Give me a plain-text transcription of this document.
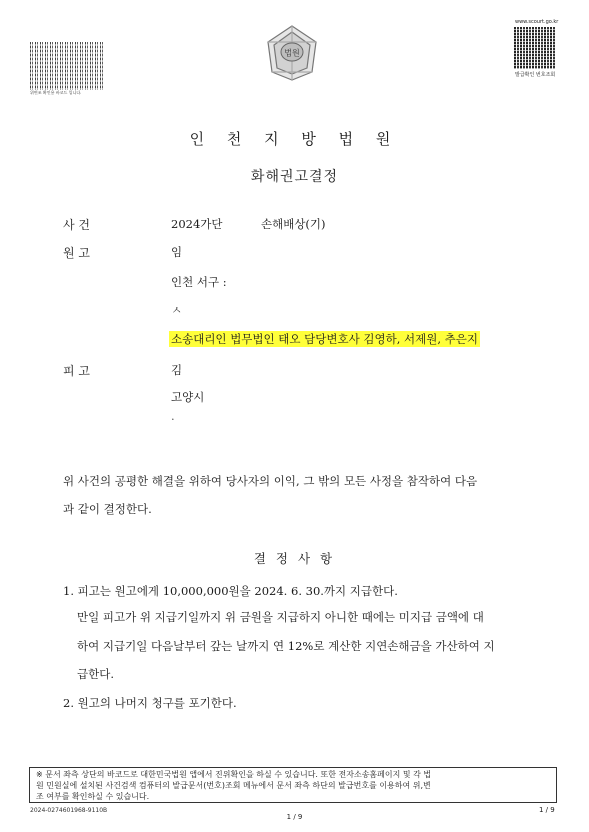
위변조 확인용 바코드 입니다.
법원
www.scourt.go.kr
발급확인 번호조회
인 천 지 방 법 원
화해권고결정
사 건	2024가단	손해배상(기)
원 고	임
인천 서구 :
ㅅ
소송대리인 법무법인 태오 담당변호사 김영하, 서제원, 추은지
피 고	김
고양시
·
위 사건의 공평한 해결을 위하여 당사자의 이익, 그 밖의 모든 사정을 참작하여 다음
과 같이 결정한다.
결 정 사 항
1. 피고는 원고에게 10,000,000원을 2024. 6. 30.까지 지급한다.
만일 피고가 위 지급기일까지 위 금원을 지급하지 아니한 때에는 미지급 금액에 대
하여 지급기일 다음날부터 갚는 날까지 연 12%로 계산한 지연손해금을 가산하여 지
급한다.
2. 원고의 나머지 청구를 포기한다.
※ 문서 좌측 상단의 바코드로 대한민국법원 앱에서 진위확인을 하실 수 있습니다. 또한 전자소송홈페이지 및 각 법
원 민원실에 설치된 사건검색 컴퓨터의 발급문서(번호)조회 메뉴에서 문서 좌측 하단의 발급번호를 이용하여 위,변
조 여부를 확인하실 수 있습니다.
2024-0274601968-9110B
1 / 9
1 / 9
